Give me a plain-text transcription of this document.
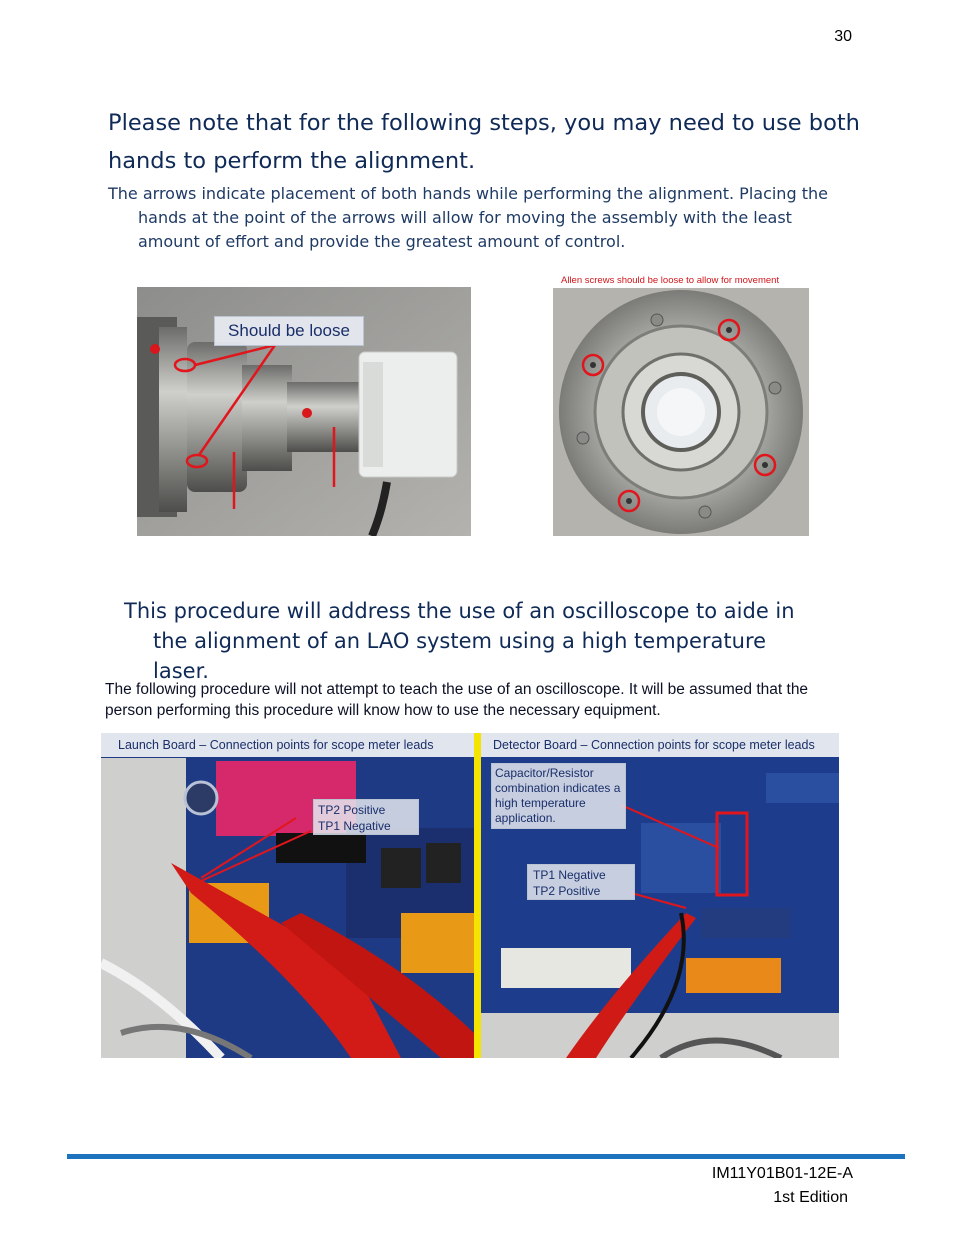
30
Please note that for the following steps, you may need to use both hands to perform the alignment.
The arrows indicate placement of both hands while performing the alignment. Placing the hands at the point of the arrows will allow for moving the assembly with the least amount of effort and provide the greatest amount of control.
Should be loose
Allen screws should be loose to allow for movement
This procedure will address the use of an oscilloscope to aide in the alignment of an LAO system using a high temperature laser.
The following procedure will not attempt to teach the use of an oscilloscope. It will be assumed that the person performing this procedure will know how to use the necessary equipment.
Launch Board – Connection points for scope meter leads
TP2 Positive
TP1 Negative
Detector Board – Connection points for scope meter leads
Capacitor/Resistor combination indicates a high temperature application.
TP1 Negative
TP2 Positive
IM11Y01B01-12E-A
1st Edition
